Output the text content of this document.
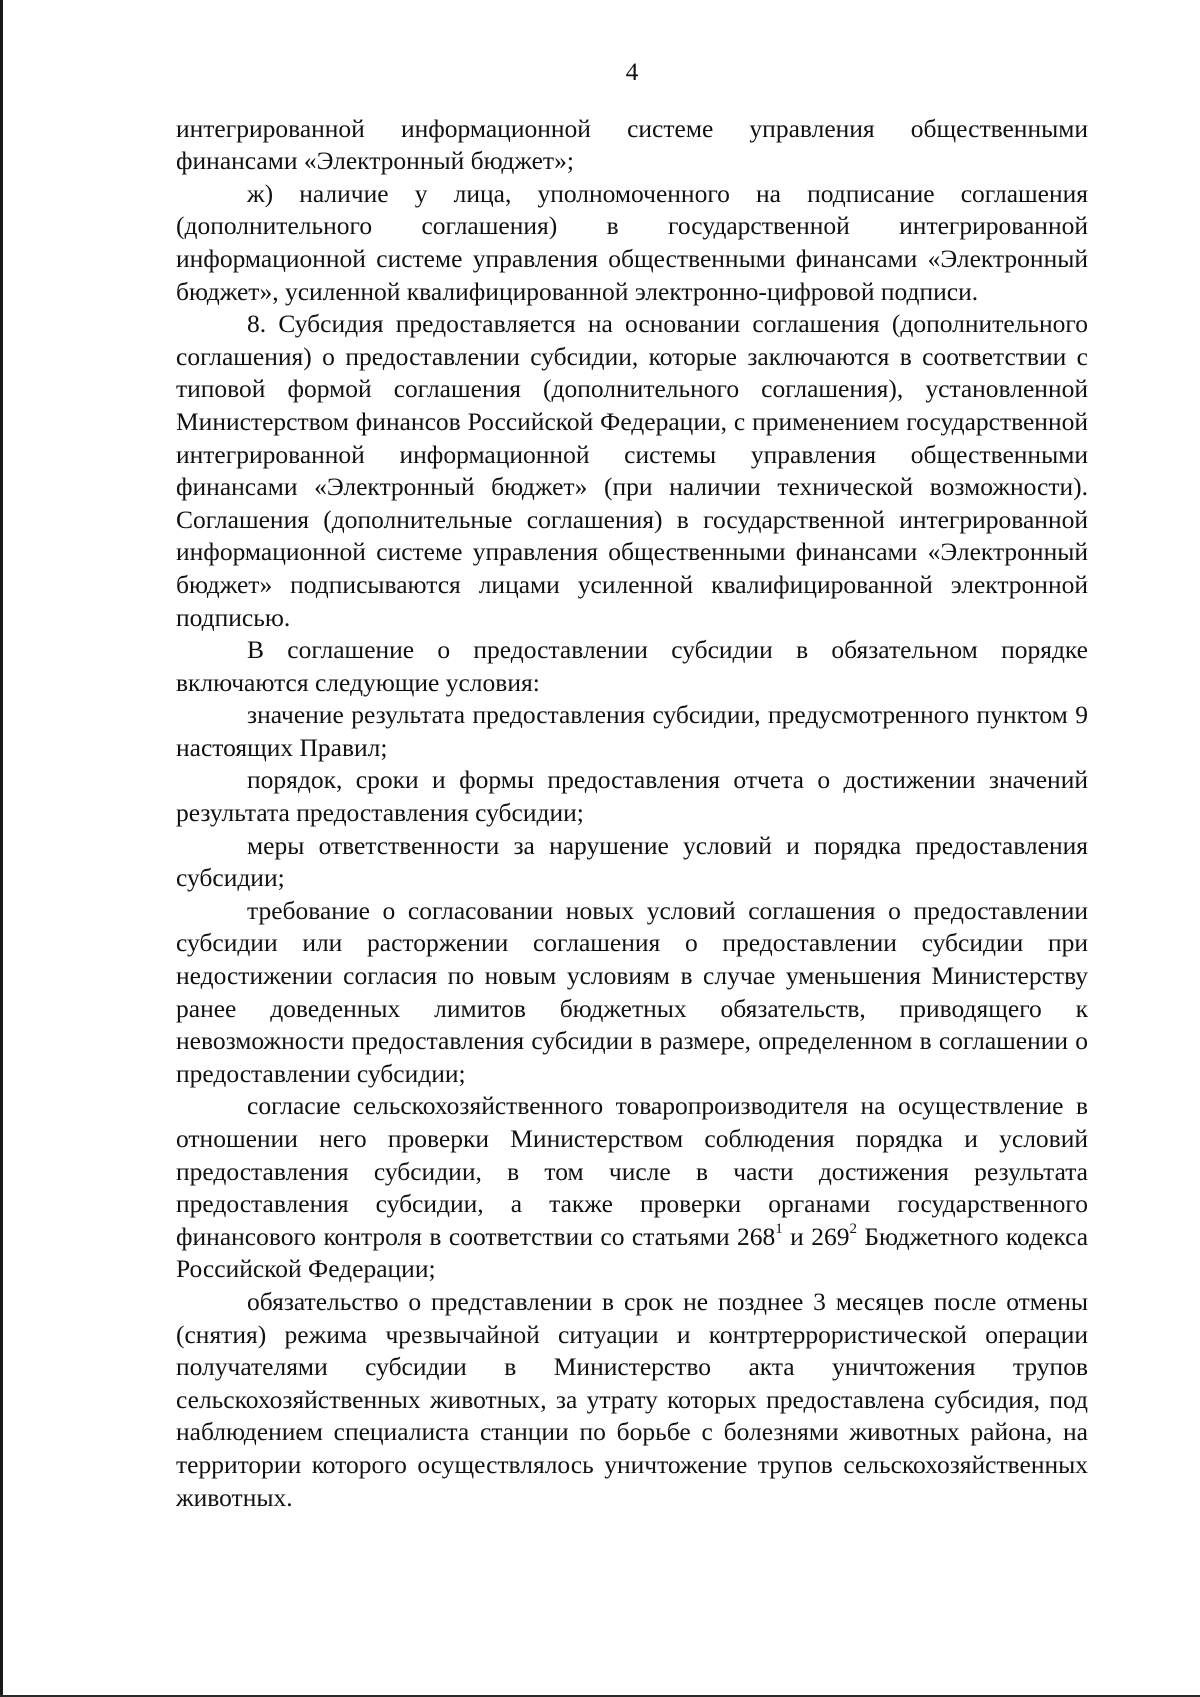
4

интегрированной информационной системе управления общественными финансами «Электронный бюджет»;

ж) наличие у лица, уполномоченного на подписание соглашения (дополнительного соглашения) в государственной интегрированной информационной системе управления общественными финансами «Электронный бюджет», усиленной квалифицированной электронно-цифровой подписи.

8. Субсидия предоставляется на основании соглашения (дополнительного соглашения) о предоставлении субсидии, которые заключаются в соответствии с типовой формой соглашения (дополнительного соглашения), установленной Министерством финансов Российской Федерации, с применением государственной интегрированной информационной системы управления общественными финансами «Электронный бюджет» (при наличии технической возможности). Соглашения (дополнительные соглашения) в государственной интегрированной информационной системе управления общественными финансами «Электронный бюджет» подписываются лицами усиленной квалифицированной электронной подписью.

В соглашение о предоставлении субсидии в обязательном порядке включаются следующие условия:

значение результата предоставления субсидии, предусмотренного пунктом 9 настоящих Правил;

порядок, сроки и формы предоставления отчета о достижении значений результата предоставления субсидии;

меры ответственности за нарушение условий и порядка предоставления субсидии;

требование о согласовании новых условий соглашения о предоставлении субсидии или расторжении соглашения о предоставлении субсидии при недостижении согласия по новым условиям в случае уменьшения Министерству ранее доведенных лимитов бюджетных обязательств, приводящего к невозможности предоставления субсидии в размере, определенном в соглашении о предоставлении субсидии;

согласие сельскохозяйственного товаропроизводителя на осуществление в отношении него проверки Министерством соблюдения порядка и условий предоставления субсидии, в том числе в части достижения результата предоставления субсидии, а также проверки органами государственного финансового контроля в соответствии со статьями $268^1$ и $269^2$ Бюджетного кодекса Российской Федерации;

обязательство о представлении в срок не позднее 3 месяцев после отмены (снятия) режима чрезвычайной ситуации и контртеррористической операции получателями субсидии в Министерство акта уничтожения трупов сельскохозяйственных животных, за утрату которых предоставлена субсидия, под наблюдением специалиста станции по борьбе с болезнями животных района, на территории которого осуществлялось уничтожение трупов сельскохозяйственных животных.
